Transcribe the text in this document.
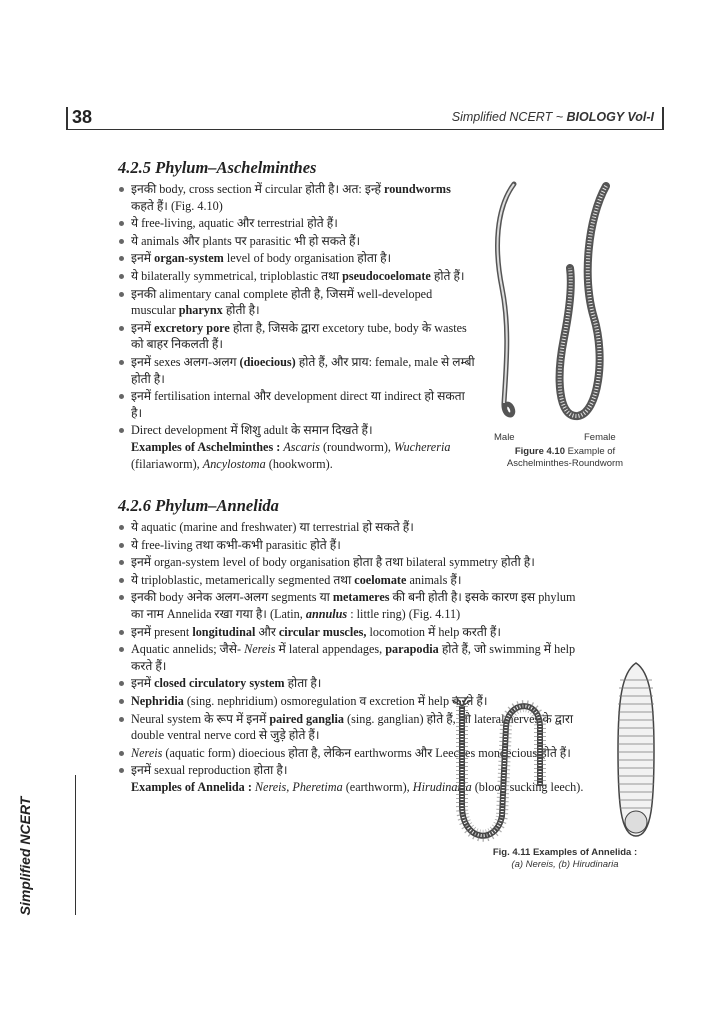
38	Simplified NCERT ~ BIOLOGY Vol-I
Simplified NCERT
4.2.5 Phylum–Aschelminthes
इनकी body, cross section में circular होती है। अत: इन्हें roundworms कहते हैं। (Fig. 4.10)
ये free-living, aquatic और terrestrial होते हैं।
ये animals और plants पर parasitic भी हो सकते हैं।
इनमें organ-system level of body organisation होता है।
ये bilaterally symmetrical, triploblastic तथा pseudocoelomate होते हैं।
इनकी alimentary canal complete होती है, जिसमें well-developed muscular pharynx होती है।
इनमें excretory pore होता है, जिसके द्वारा excetory tube, body के wastes को बाहर निकलती हैं।
इनमें sexes अलग-अलग (dioecious) होते हैं, और प्राय: female, male से लम्बी होती है।
इनमें fertilisation internal और development direct या indirect हो सकता है।
Direct development में शिशु adult के समान दिखते हैं।
Examples of Aschelminthes : Ascaris (roundworm), Wuchereria (filariaworm), Ancylostoma (hookworm).
Male	Female
Figure 4.10 Example of Aschelminthes-Roundworm
4.2.6 Phylum–Annelida
ये aquatic (marine and freshwater) या terrestrial हो सकते हैं।
ये free-living तथा कभी-कभी parasitic होते हैं।
इनमें organ-system level of body organisation होता है तथा bilateral symmetry होती है।
ये triploblastic, metamerically segmented तथा coelomate animals हैं।
इनकी body अनेक अलग-अलग segments या metameres की बनी होती है। इसके कारण इस phylum का नाम Annelida रखा गया है। (Latin, annulus : little ring) (Fig. 4.11)
इनमें present longitudinal और circular muscles, locomotion में help करती हैं।
Aquatic annelids; जैसे- Nereis में lateral appendages, parapodia होते हैं, जो swimming में help करते हैं।
इनमें closed circulatory system होता है।
Nephridia (sing. nephridium) osmoregulation व excretion में help करते हैं।
Neural system के रूप में इनमें paired ganglia (sing. ganglian) होते हैं, जो lateral nerves के द्वारा double ventral nerve cord से जुड़े होते हैं।
Nereis (aquatic form) dioecious होता है, लेकिन earthworms और Leeches monoecious होते हैं।
इनमें sexual reproduction होता है।
Examples of Annelida : Nereis, Pheretima (earthworm), Hirudinaria (blood sucking leech).
Fig. 4.11 Examples of Annelida :
(a) Nereis, (b) Hirudinaria
